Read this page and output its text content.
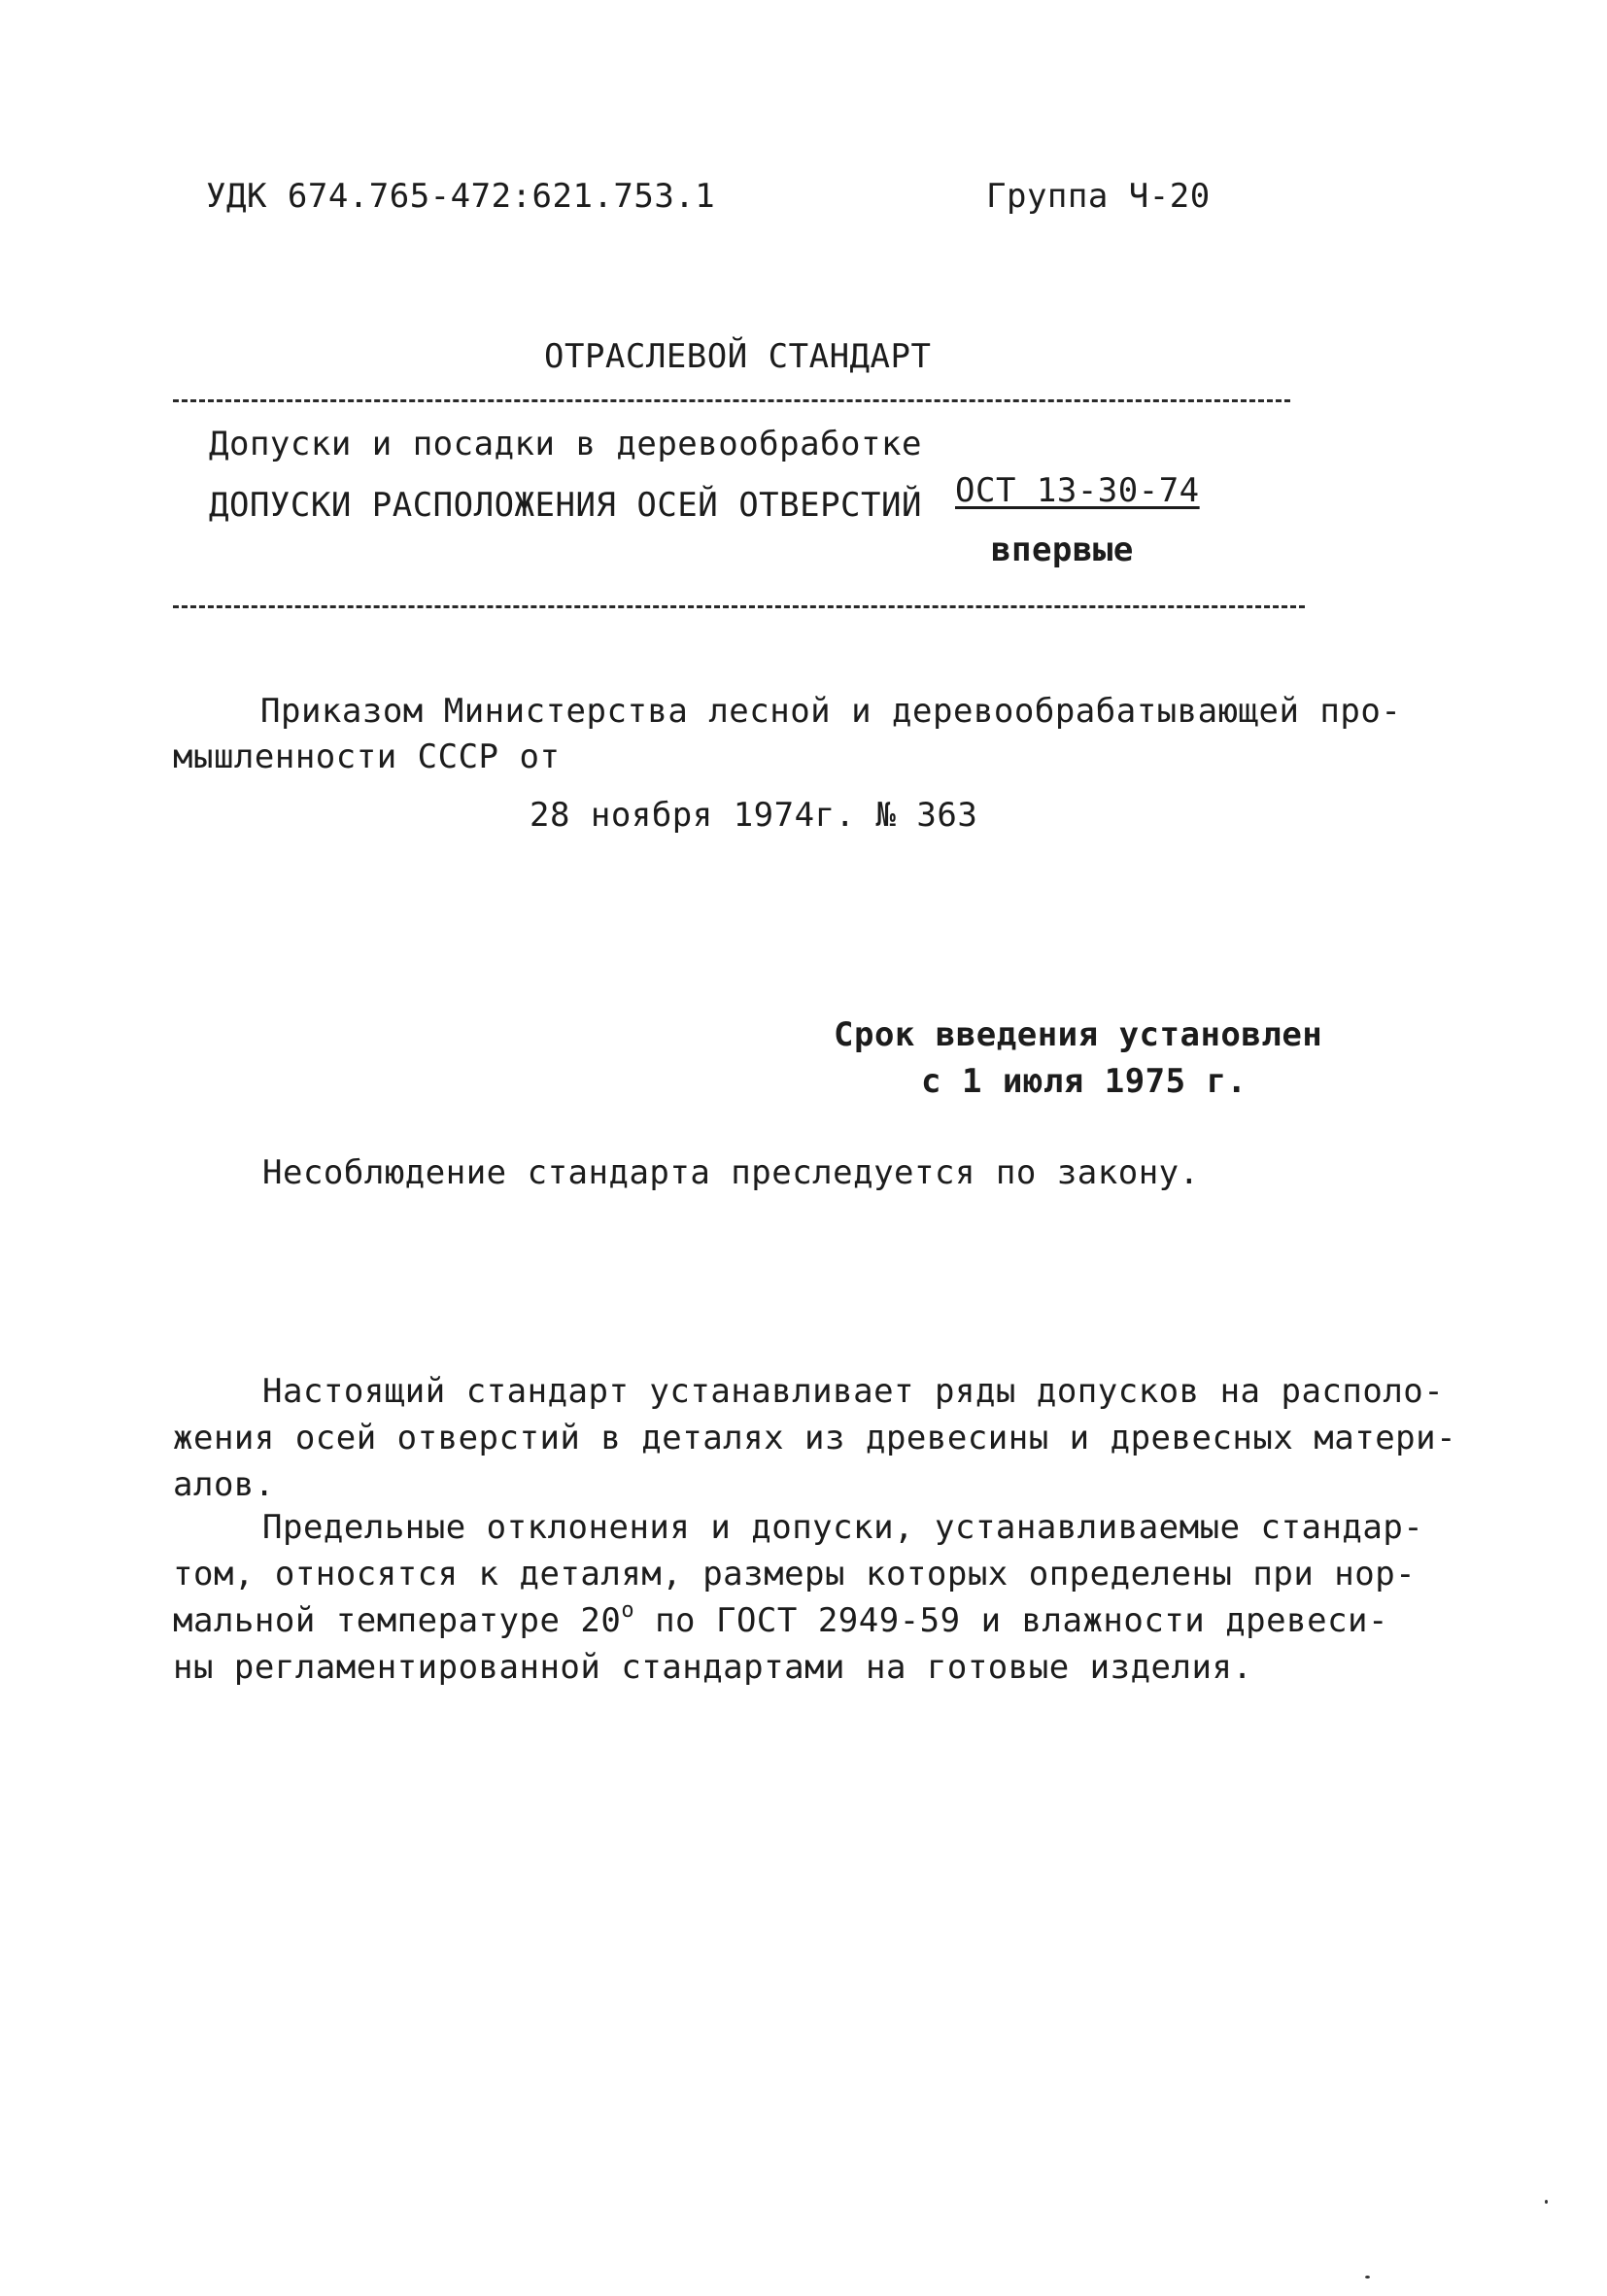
УДК 674.765-472:621.753.1	Группа Ч-20
ОТРАСЛЕВОЙ СТАНДАРТ
Допуски и посадки в деревообработке
ДОПУСКИ РАСПОЛОЖЕНИЯ ОСЕЙ ОТВЕРСТИЙ ОСТ 13-30-74
впервые
Приказом Министерства лесной и деревообрабатывающей про-
мышленности СССР от
28 ноября 1974г. № 363
Срок введения установлен
с 1 июля 1975 г.
Несоблюдение стандарта преследуется по закону.
Настоящий стандарт устанавливает ряды допусков на располо-
жения осей отверстий в деталях из древесины и древесных матери-
алов.
Предельные отклонения и допуски, устанавливаемые стандар-
том, относятся к деталям, размеры которых определены при нор-
мальной температуре $20^о$ по ГОСТ 2949-59 и влажности древеси-
ны регламентированной стандартами на готовые изделия.
